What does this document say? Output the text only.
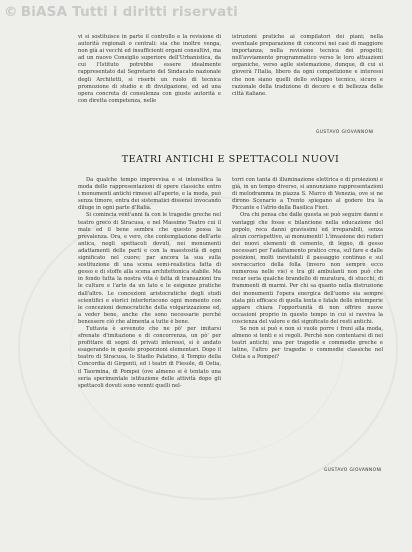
© BiASA Tutti i diritti riservati

vi si sostituisce in parte il controllo e la revisione di autorità regionali o centrali: sia che inoltre venga, non già ai vecchi ed insufficienti organi consultivi, ma ad un nuovo Consiglio superiore dell'Urbanistica, da cui l'Istituto potrebbe essere idealmente rappresentato dal Segretario del Sindacato nazionale degli Architetti, si riserbi un ruolo di tecnica promozione di studio e di divulgazione, ed ad una opera concreta di consulenza con giuste autorità e con diretta competenza, nelle

istruzioni pratiche ai compilatori dei piani; nella eventuale preparazione di concorsi nei casi di maggiore importanza; nella revisione tecnica dei progetti; nell'avviamento programmatico verso le loro attuazioni organiche, verso agile sistemazione, dunque, di cui si gioverà l'Italia, libero da ogni competizione e interessi che non siano quelli dello sviluppo tecnico, sicuro e razionale della tradizione di decoro e di bellezza delle città italiane.

GUSTAVO GIOVANNONI
TEATRI ANTICHI E SPETTACOLI NUOVI

Da qualche tempo improvvisa e si intensifica la moda delle rappresentazioni di opere classiche entro i monumenti antichi rimessi all'aperto, e la moda, può senza timore, entra dei sistematici dissensi invocando diluge in ogni parte d'Italia.

Si comincia vent'anni fa con le tragedie greche nel teatro greco di Siracusa, e nel Massimo Teatro cui il male ed il bene sembra che questo possa la prevalenza. Ora, e vero, che contemplazione dell'arte antica, negli spettacoli dovuti, nei monumenti adattamenti delle parti e con la maestosità di ogni significato nel cuore; par ancora la sua sulla sostituzione di una scena semi-realistica fatta di gesso e di stoffe alla scena architettonica stabile. Ma in fondo tutta la nostra vita è fatta di transazioni tra le culture e l'arte da un lato e le esigenze pratiche dall'altro. Le concezioni aristocratiche degli studi scientifici e storici interferiscono ogni momento con le concezioni democratiche della volgarizzazione ed, a veder bene, anche che sono necessarie perché benessere ciò che alimenta a tutte è bene.

Tuttavia è avvenuto che ne pò' per imitarsi sfrenate d'imitazione e di concorrenza, un pò' per profittare di sogni di privati interessi, si è andato esagerando in queste proporzioni elementari. Dopo il teatro di Siracusa, lo Stadio Palatino, il Tempio della Concordia di Girgenti, ed i teatri di Fiesole, di Ostia, il Taormina, di Pompei (ove almeno si è tentato una seria sperimentale istituzione delle attività dopo gli spettacoli dovuti sono vennti quelli nel-

torri con tanta di illuminazione elettrica e di proiezioni e già, in un tempo diverso, si annunziano rappresentazioni di melodramma in piazza S. Marco di Venezia, ove si ne dirono Scenario a Trento spiegano al godere tra la Piccante e l'atrio della Basilica Fiori.

Ora chi pensa che dalle questa se può seguire danni e vantaggi che fosse e bilancione nella educazione del popolo, reca danni gravissimi ed irreparabili, senza alcun corrispettivo, ai monumenti! L'invasione dei ruderi dei nuovi elementi di cemento, di legno, di gesso necessari per l'adattamento pratico crea, sul fare e dalle posizioni, molti inevitabili il passaggio continuo e sul sovraccarico della folla (invero non sempre ecco numerosa nelle vie) e tra gli ambulanti non può che recar seria qualche brandello di muratura, di stucchi, di frammenti di marmi. Per chi sa quanto nella distruzione dei monumenti l'opera energica dell'uomo sia sempre stata più efficace di quella lenta e fatale delle intemperie appare chiara l'opportunità di non offrire nuove occasioni proprio in questo tempo in cui si ravviva la coscienza del valore e del significato dei resti antichi.

Se non si può e non si vuole porre i freni alla moda, almeno si tenti e si regoli. Perchè non contentarsi di nei teatri antichi; una per tragedie e commedie greche e latine, l'altro per tragedie o commedie classiche nel Ostia e a Pompei?

GUSTAVO GIOVANNONI
